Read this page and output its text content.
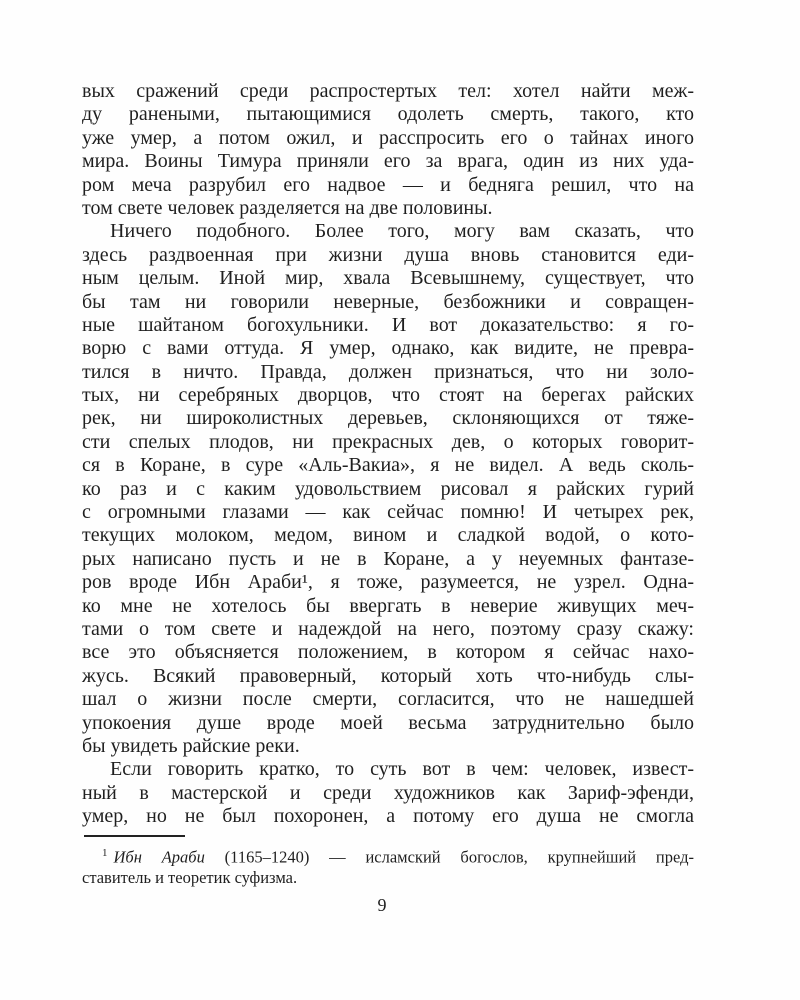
вых сражений среди распростертых тел: хотел найти меж-
ду ранеными, пытающимися одолеть смерть, такого, кто
уже умер, а потом ожил, и расспросить его о тайнах иного
мира. Воины Тимура приняли его за врага, один из них уда-
ром меча разрубил его надвое — и бедняга решил, что на
том свете человек разделяется на две половины.
Ничего подобного. Более того, могу вам сказать, что
здесь раздвоенная при жизни душа вновь становится еди-
ным целым. Иной мир, хвала Всевышнему, существует, что
бы там ни говорили неверные, безбожники и совращен-
ные шайтаном богохульники. И вот доказательство: я го-
ворю с вами оттуда. Я умер, однако, как видите, не превра-
тился в ничто. Правда, должен признаться, что ни золо-
тых, ни серебряных дворцов, что стоят на берегах райских
рек, ни широколистных деревьев, склоняющихся от тяже-
сти спелых плодов, ни прекрасных дев, о которых говорит-
ся в Коране, в суре «Аль-Вакиа», я не видел. А ведь сколь-
ко раз и с каким удовольствием рисовал я райских гурий
с огромными глазами — как сейчас помню! И четырех рек,
текущих молоком, медом, вином и сладкой водой, о кото-
рых написано пусть и не в Коране, а у неуемных фантазе-
ров вроде Ибн Араби¹, я тоже, разумеется, не узрел. Одна-
ко мне не хотелось бы ввергать в неверие живущих меч-
тами о том свете и надеждой на него, поэтому сразу скажу:
все это объясняется положением, в котором я сейчас нахо-
жусь. Всякий правоверный, который хоть что-нибудь слы-
шал о жизни после смерти, согласится, что не нашедшей
упокоения душе вроде моей весьма затруднительно было
бы увидеть райские реки.
Если говорить кратко, то суть вот в чем: человек, извест-
ный в мастерской и среди художников как Зариф-эфенди,
умер, но не был похоронен, а потому его душа не смогла
$^1$ Ибн Араби (1165–1240) — исламский богослов, крупнейший пред-
ставитель и теоретик суфизма.
9
